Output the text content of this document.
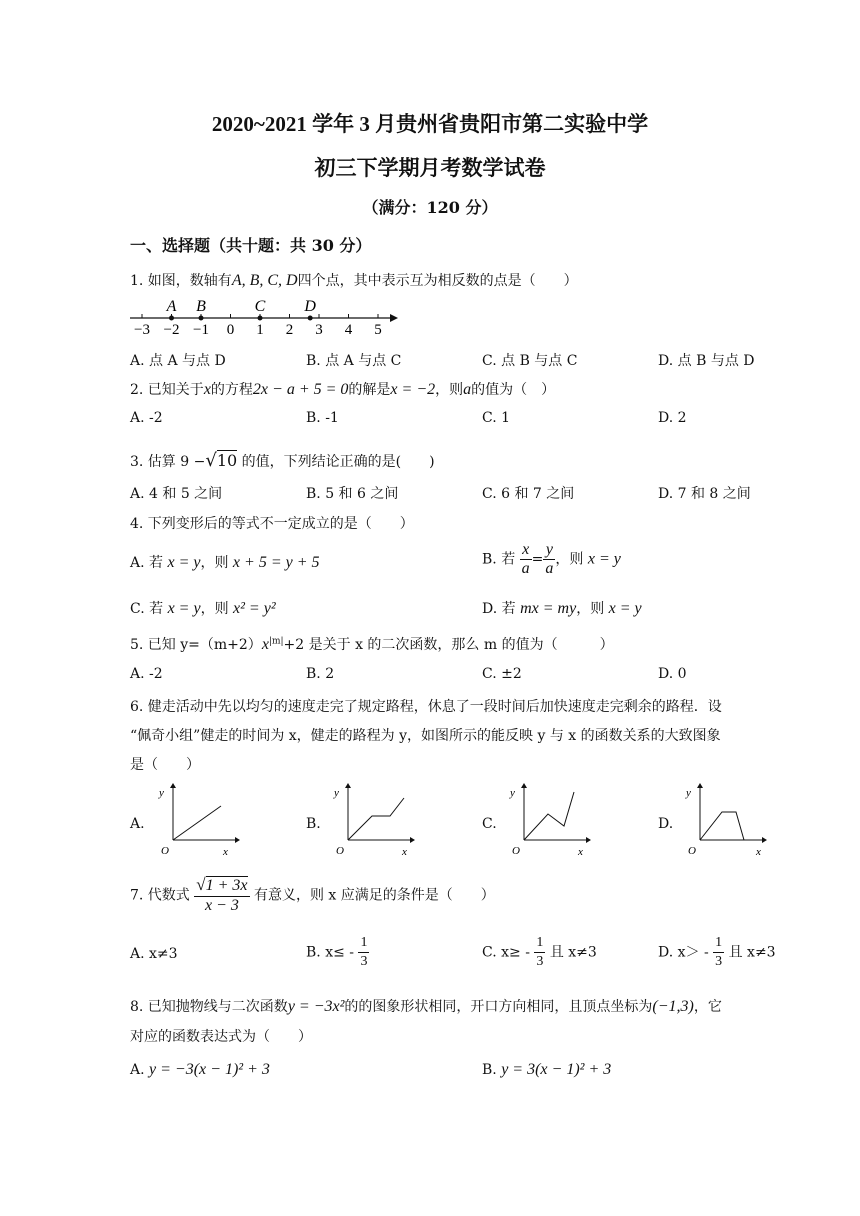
2020~2021 学年 3 月贵州省贵阳市第二实验中学
初三下学期月考数学试卷
（满分：120 分）
一、选择题（共十题：共 30 分）
1. 如图，数轴有A, B, C, D四个点，其中表示互为相反数的点是（　　）
−3 −2 −1 0 1 2 3 4 5
A B	C D
A. 点 A 与点 D	B. 点 A 与点 C	C. 点 B 与点 C	D. 点 B 与点 D
2. 已知关于x的方程2x − a + 5 = 0的解是x = −2，则a的值为（　）
A. -2	B. -1	C. 1	D. 2
3. 估算 9 −√10 的值，下列结论正确的是(　　)
A. 4 和 5 之间	B. 5 和 6 之间	C. 6 和 7 之间	D. 7 和 8 之间
4. 下列变形后的等式不一定成立的是（　　）
A. 若 x = y，则 x + 5 = y + 5	B. 若 $\frac{x}{a} = \frac{y}{a}$ ，则 x = y
C. 若 x = y，则 x² = y²	D. 若 mx = my，则 x = y
5. 已知 $y=(m+2)x^{|m|}+2$ 是关于 x 的二次函数，那么 m 的值为（　　　）
A. -2	B. 2	C. ±2	D. 0
6. 健走活动中先以均匀的速度走完了规定路程，休息了一段时间后加快速度走完剩余的路程．设
“佩奇小组”健走的时间为 x，健走的路程为 y，如图所示的能反映 y 与 x 的函数关系的大致图象
是（　　）
A.	B.	C.	D.
y
O	x
y
O	x
y
O	x
y
O	x
7. 代数式 $\frac{√1 + 3x}{x - 3}$ 有意义，则 x 应满足的条件是（　　）
A. x≠3	B. $x\le - \frac{1}{3}$	C. $x\ge - \frac{1}{3}$ 且 x≠3	D. $x> - \frac{1}{3}$ 且 x≠3
8. 已知抛物线与二次函数y = −3x²的的图象形状相同，开口方向相同，且顶点坐标为(−1,3)，它
对应的函数表达式为（　　）
A. y = −3(x − 1)² + 3	B. y = 3(x − 1)² + 3
